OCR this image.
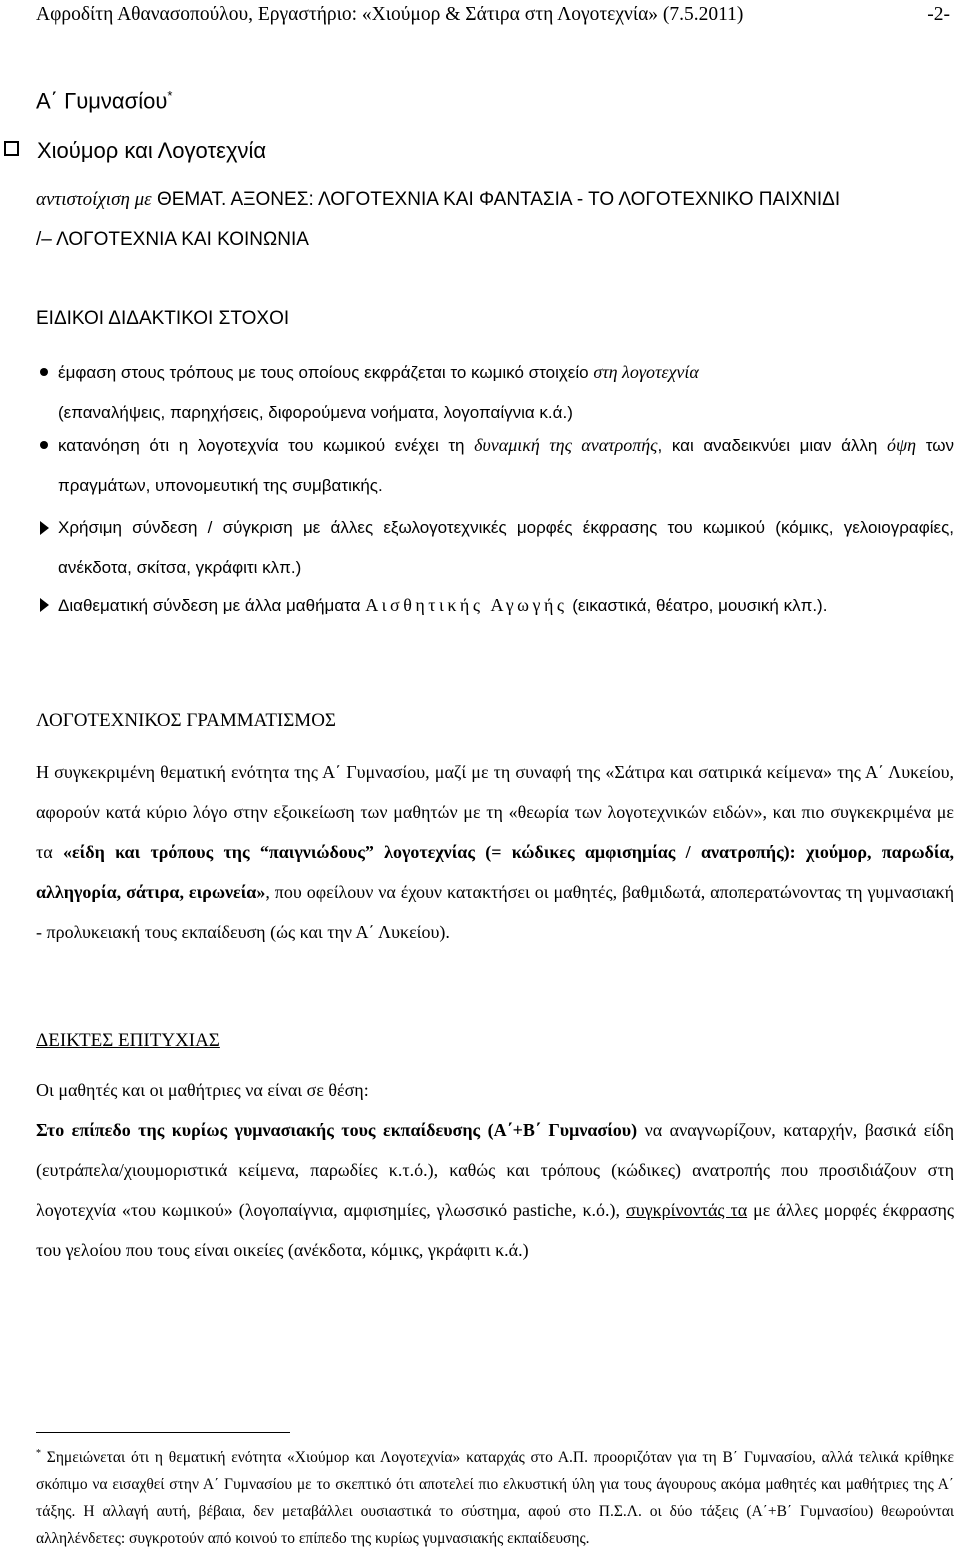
Αφροδίτη Αθανασοπούλου, Εργαστήριο: «Χιούμορ & Σάτιρα στη Λογοτεχνία» (7.5.2011)	-2-
Α΄ Γυμνασίου*
Χιούμορ και Λογοτεχνία
αντιστοίχιση με ΘΕΜΑΤ. ΑΞΟΝΕΣ: ΛΟΓΟΤΕΧΝΙΑ ΚΑΙ ΦΑΝΤΑΣΙΑ - ΤΟ ΛΟΓΟΤΕΧΝΙΚΟ ΠΑΙΧΝΙΔΙ
/– ΛΟΓΟΤΕΧΝΙΑ ΚΑΙ ΚΟΙΝΩΝΙΑ
ΕΙΔΙΚΟΙ ΔΙΔΑΚΤΙΚΟΙ ΣΤΟΧΟΙ
έμφαση στους τρόπους με τους οποίους εκφράζεται το κωμικό στοιχείο στη λογοτεχνία
(επαναλήψεις, παρηχήσεις, διφορούμενα νοήματα, λογοπαίγνια κ.ά.)
κατανόηση ότι η λογοτεχνία του κωμικού ενέχει τη δυναμική της ανατροπής, και αναδεικνύει μιαν άλλη όψη των πραγμάτων, υπονομευτική της συμβατικής.
Χρήσιμη σύνδεση / σύγκριση με άλλες εξωλογοτεχνικές μορφές έκφρασης του κωμικού (κόμικς, γελοιογραφίες, ανέκδοτα, σκίτσα, γκράφιτι κλπ.)
Διαθεματική σύνδεση με άλλα μαθήματα Αισθητικής Αγωγής (εικαστικά, θέατρο, μουσική κλπ.).
ΛΟΓΟΤΕΧΝΙΚΟΣ ΓΡΑΜΜΑΤΙΣΜΟΣ
Η συγκεκριμένη θεματική ενότητα της Α΄ Γυμνασίου, μαζί με τη συναφή της «Σάτιρα και σατιρικά κείμενα» της Α΄ Λυκείου, αφορούν κατά κύριο λόγο στην εξοικείωση των μαθητών με τη «θεωρία των λογοτεχνικών ειδών», και πιο συγκεκριμένα με τα «είδη και τρόπους της “παιγνιώδους” λογοτεχνίας (= κώδικες αμφισημίας / ανατροπής): χιούμορ, παρωδία, αλληγορία, σάτιρα, ειρωνεία», που οφείλουν να έχουν κατακτήσει οι μαθητές, βαθμιδωτά, αποπερατώνοντας τη γυμνασιακή - προλυκειακή τους εκπαίδευση (ώς και την Α΄ Λυκείου).
ΔΕΙΚΤΕΣ ΕΠΙΤΥΧΙΑΣ
Οι μαθητές και οι μαθήτριες να είναι σε θέση:
Στο επίπεδο της κυρίως γυμνασιακής τους εκπαίδευσης (Α΄+Β΄ Γυμνασίου) να αναγνωρίζουν, καταρχήν, βασικά είδη (ευτράπελα/χιουμοριστικά κείμενα, παρωδίες κ.τ.ό.), καθώς και τρόπους (κώδικες) ανατροπής που προσιδιάζουν στη λογοτεχνία «του κωμικού» (λογοπαίγνια, αμφισημίες, γλωσσικό pastiche, κ.ό.), συγκρίνοντάς τα με άλλες μορφές έκφρασης του γελοίου που τους είναι οικείες (ανέκδοτα, κόμικς, γκράφιτι κ.ά.)
* Σημειώνεται ότι η θεματική ενότητα «Χιούμορ και Λογοτεχνία» καταρχάς στο Α.Π. προοριζόταν για τη Β΄ Γυμνασίου, αλλά τελικά κρίθηκε σκόπιμο να εισαχθεί στην Α΄ Γυμνασίου με το σκεπτικό ότι αποτελεί πιο ελκυστική ύλη για τους άγουρους ακόμα μαθητές και μαθήτριες της Α΄ τάξης. Η αλλαγή αυτή, βέβαια, δεν μεταβάλλει ουσιαστικά το σύστημα, αφού στο Π.Σ.Λ. οι δύο τάξεις (Α΄+Β΄ Γυμνασίου) θεωρούνται αλληλένδετες: συγκροτούν από κοινού το επίπεδο της κυρίως γυμνασιακής εκπαίδευσης.
